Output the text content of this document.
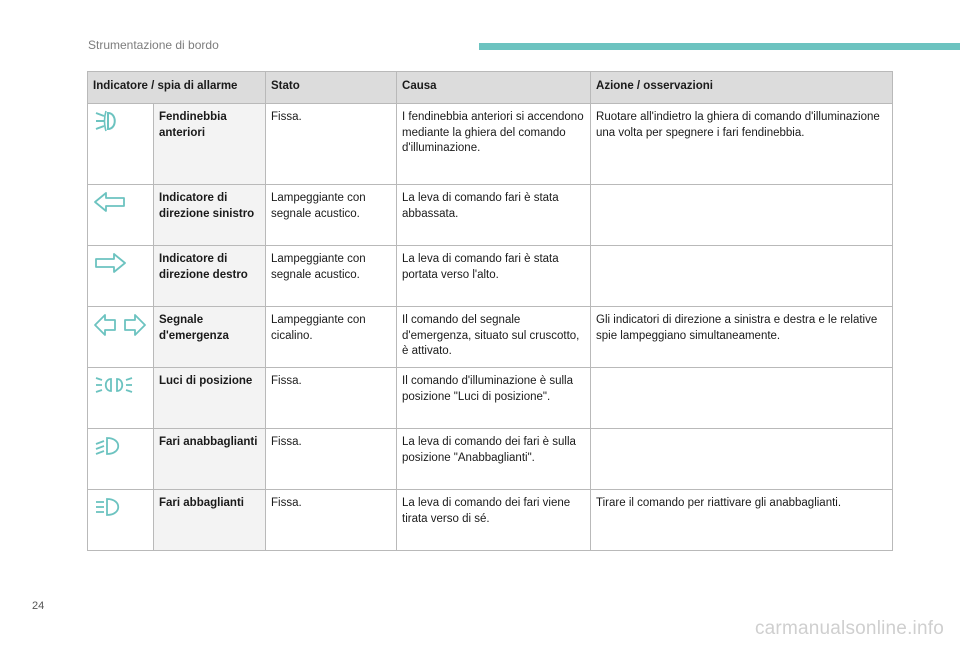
Strumentazione di bordo
Indicatore / spia di allarme		Stato	Causa	Azione / osservazioni
	Fendinebbia anteriori	Fissa.	I fendinebbia anteriori si accendono mediante la ghiera del comando d'illuminazione.	Ruotare all'indietro la ghiera di comando d'illuminazione una volta per spegnere i fari fendinebbia.
	Indicatore di direzione sinistro	Lampeggiante con segnale acustico.	La leva di comando fari è stata abbassata.	
	Indicatore di direzione destro	Lampeggiante con segnale acustico.	La leva di comando fari è stata portata verso l'alto.	
	Segnale d'emergenza	Lampeggiante con cicalino.	Il comando del segnale d'emergenza, situato sul cruscotto, è attivato.	Gli indicatori di direzione a sinistra e destra e le relative spie lampeggiano simultaneamente.
	Luci di posizione	Fissa.	Il comando d'illuminazione è sulla posizione "Luci di posizione".	
	Fari anabbaglianti	Fissa.	La leva di comando dei fari è sulla posizione "Anabbaglianti".	
	Fari abbaglianti	Fissa.	La leva di comando dei fari viene tirata verso di sé.	Tirare il comando per riattivare gli anabbaglianti.
24
carmanualsonline.info
